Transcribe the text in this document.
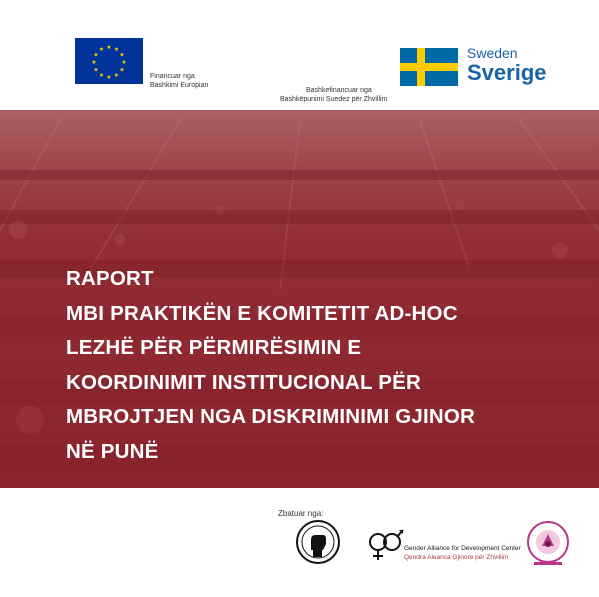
★ ★
★
★
★
★
★
★
★
★
★
★
Financuar nga
Bashkimi Europian
Bashkefinancuar nga
Bashkëpunimi Suedez për Zhvillim
Sweden
Sverige
RAPORT
MBI PRAKTIKËN E KOMITETIT AD-HOC
LEZHË PËR PËRMIRËSIMIN E
KOORDINIMIT INSTITUCIONAL PËR
MBROJTJEN NGA DISKRIMINIMI GJINOR
NË PUNË
Zbatuar nga:
Gender Alliance for Development Center
Qendra Aleanca Gjinore për Zhvillim
